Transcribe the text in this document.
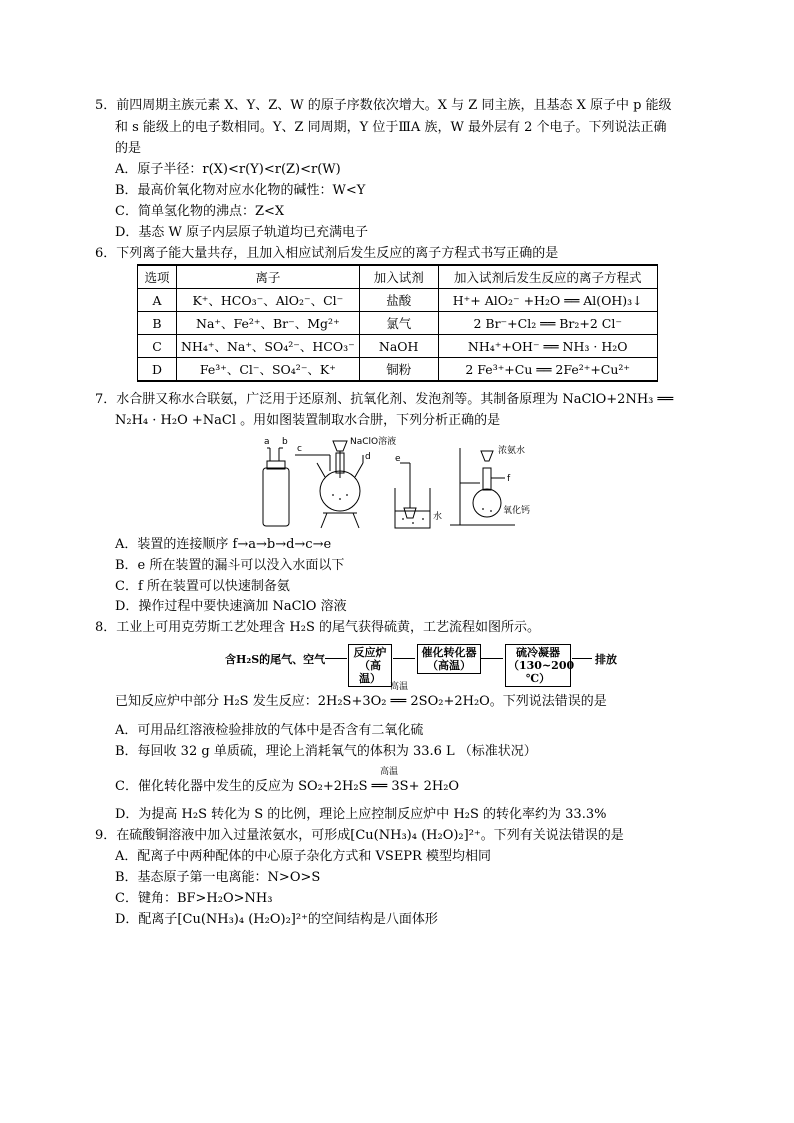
5．前四周期主族元素 X、Y、Z、W 的原子序数依次增大。X 与 Z 同主族，且基态 X 原子中 p 能级
和 s 能级上的电子数相同。Y、Z 同周期，Y 位于ⅢA 族，W 最外层有 2 个电子。下列说法正确
的是
A．原子半径：r(X)<r(Y)<r(Z)<r(W)
B．最高价氧化物对应水化物的碱性：W<Y
C．简单氢化物的沸点：Z<X
D．基态 W 原子内层原子轨道均已充满电子
6．下列离子能大量共存，且加入相应试剂后发生反应的离子方程式书写正确的是
选项	离子	加入试剂	加入试剂后发生反应的离子方程式
A	K⁺、HCO₃⁻、AlO₂⁻、Cl⁻	盐酸	H⁺+ AlO₂⁻ +H₂O ══ Al(OH)₃↓
B	Na⁺、Fe²⁺、Br⁻、Mg²⁺	氯气	2 Br⁻+Cl₂ ══ Br₂+2 Cl⁻
C	NH₄⁺、Na⁺、SO₄²⁻、HCO₃⁻	NaOH	NH₄⁺+OH⁻ ══ NH₃ · H₂O
D	Fe³⁺、Cl⁻、SO₄²⁻、K⁺	铜粉	2 Fe³⁺+Cu ══ 2Fe²⁺+Cu²⁺
7．水合肼又称水合联氨，广泛用于还原剂、抗氧化剂、发泡剂等。其制备原理为 NaClO+2NH₃ ══
N₂H₄ · H₂O +NaCl 。用如图装置制取水合肼，下列分析正确的是
NaClO溶液
a b
c
d	e
水
浓氨水
f
氧化钙
A．装置的连接顺序 f→a→b→d→c→e
B．e 所在装置的漏斗可以没入水面以下
C．f 所在装置可以快速制备氨
D．操作过程中要快速滴加 NaClO 溶液
8．工业上可用克劳斯工艺处理含 H₂S 的尾气获得硫黄，工艺流程如图所示。
含H₂S的尾气、空气
反应炉
（高温）
催化转化器
（高温）
硫冷凝器
（130~200 ℃）
排放
已知反应炉中部分 H₂S 发生反应：2H₂S+3O₂ ══ 2SO₂+2H₂O。下列说法错误的是
高温
A．可用品红溶液检验排放的气体中是否含有二氧化硫
B．每回收 32 g 单质硫，理论上消耗氧气的体积为 33.6 L （标准状况）
C．催化转化器中发生的反应为 SO₂+2H₂S ══ 3S+ 2H₂O
高温
D．为提高 H₂S 转化为 S 的比例，理论上应控制反应炉中 H₂S 的转化率约为 33.3%
9．在硫酸铜溶液中加入过量浓氨水，可形成[Cu(NH₃)₄ (H₂O)₂]²⁺。下列有关说法错误的是
A．配离子中两种配体的中心原子杂化方式和 VSEPR 模型均相同
B．基态原子第一电离能：N>O>S
C．键角：BF>H₂O>NH₃
D．配离子[Cu(NH₃)₄ (H₂O)₂]²⁺的空间结构是八面体形
